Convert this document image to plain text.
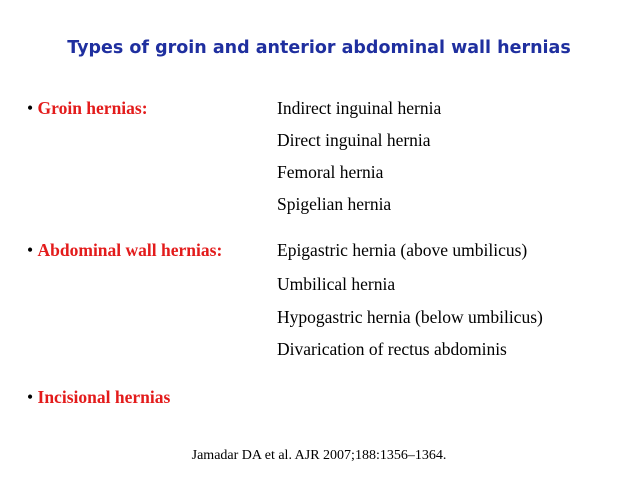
Types of groin and anterior abdominal wall hernias
• Groin hernias:	Indirect inguinal hernia
Direct inguinal hernia
Femoral hernia
Spigelian hernia
• Abdominal wall hernias:	Epigastric hernia (above umbilicus)
Umbilical hernia
Hypogastric hernia (below umbilicus)
Divarication of rectus abdominis
• Incisional hernias
Jamadar DA et al. AJR 2007;188:1356–1364.
